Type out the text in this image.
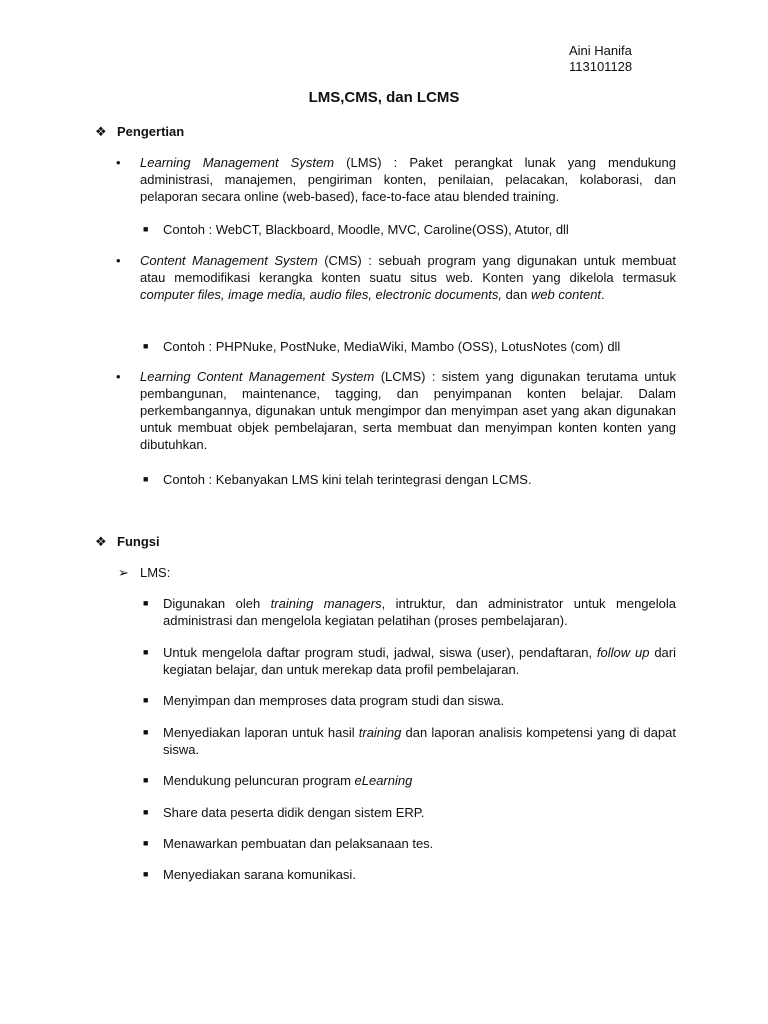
Aini Hanifa
113101128
LMS,CMS, dan LCMS
❖ Pengertian
• Learning Management System (LMS) : Paket perangkat lunak yang mendukung administrasi, manajemen, pengiriman konten, penilaian, pelacakan, kolaborasi, dan pelaporan secara online (web-based), face-to-face atau blended training.
■ Contoh : WebCT, Blackboard, Moodle, MVC, Caroline(OSS), Atutor, dll
• Content Management System (CMS) : sebuah program yang digunakan untuk membuat atau memodifikasi kerangka konten suatu situs web. Konten yang dikelola termasuk computer files, image media, audio files, electronic documents, dan web content.
■ Contoh : PHPNuke, PostNuke, MediaWiki, Mambo (OSS), LotusNotes (com) dll
• Learning Content Management System (LCMS) : sistem yang digunakan terutama untuk pembangunan, maintenance, tagging, dan penyimpanan konten belajar. Dalam perkembangannya, digunakan untuk mengimpor dan menyimpan aset yang akan digunakan untuk membuat objek pembelajaran, serta membuat dan menyimpan konten konten yang dibutuhkan.
■ Contoh : Kebanyakan LMS kini telah terintegrasi dengan LCMS.
❖ Fungsi
➢ LMS:
■ Digunakan oleh training managers, intruktur, dan administrator untuk mengelola administrasi dan mengelola kegiatan pelatihan (proses pembelajaran).
■ Untuk mengelola daftar program studi, jadwal, siswa (user), pendaftaran, follow up dari kegiatan belajar, dan untuk merekap data profil pembelajaran.
■ Menyimpan dan memproses data program studi dan siswa.
■ Menyediakan laporan untuk hasil training dan laporan analisis kompetensi yang di dapat siswa.
■ Mendukung peluncuran program eLearning
■ Share data peserta didik dengan sistem ERP.
■ Menawarkan pembuatan dan pelaksanaan tes.
■ Menyediakan sarana komunikasi.
